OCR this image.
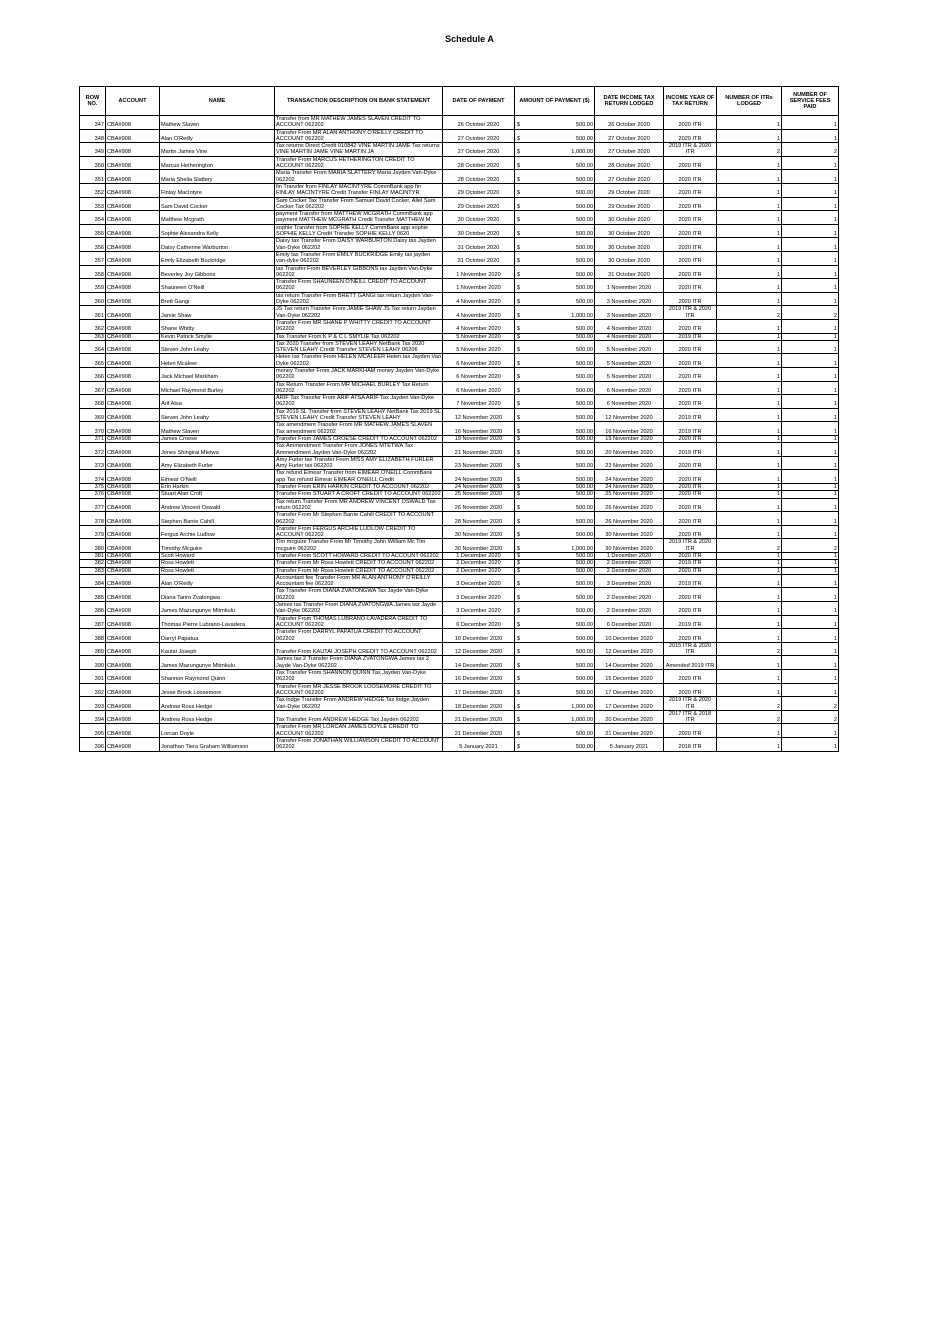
Schedule A
ROW NO.	ACCOUNT	NAME	TRANSACTION DESCRIPTION ON BANK STATEMENT	DATE OF PAYMENT	AMOUNT OF PAYMENT ($)	DATE INCOME TAX RETURN LODGED	INCOME YEAR OF TAX RETURN	NUMBER OF ITRs LODGED	NUMBER OF SERVICE FEES PAID
347	CBA#908	Mathew Slaven	Transfer from MR MATHEW JAMES SLAVEN CREDIT TO ACCOUNT 062202	26 October 2020	$ 500.00	26 October 2020	2020 ITR	1	1
348	CBA#908	Alan O'Reilly	Transfer From MR ALAN ANTHONY O'REILLY CREDIT TO ACCOUNT 062202	27 October 2020	$ 500.00	27 October 2020	2020 ITR	1	1
349	CBA#908	Martin James Vine	Tax returns Direct Credit 010842 VINE MARTIN JAME Tax returns VINE MARTIN JAME VINE MARTIN JA	27 October 2020	$ 1,000.00	27 October 2020	2019 ITR & 2020 ITR	2	2
350	CBA#908	Marcus Hetherington	Transfer From MARCUS HETHERINGTON CREDIT TO ACCOUNT 062202	28 October 2020	$ 500.00	28 October 2020	2020 ITR	1	1
351	CBA#908	Maria Sheila Slattery	Maria Transfer From MARIA SLATTERY Maria Jayden Van-Dyke 062202	28 October 2020	$ 500.00	27 October 2020	2020 ITR	1	1
352	CBA#908	Finlay MacIntyre	fin Transfer from FINLAY MACINTYRE CommBank app fin FINLAY MACINTYRE Credit Transfer FINLAY MACINTYR	29 October 2020	$ 500.00	29 October 2020	2020 ITR	1	1
353	CBA#908	Sam David Cocker	Sam Cocker Tax Transfer From Samuel David Cocker, Allel Sam Cocker Tax 062202	29 October 2020	$ 500.00	29 October 2020	2020 ITR	1	1
354	CBA#908	Matthew Mcgrath	payment Transfer from MATTHEW MCGRATH CommBank app payment MATTHEW MCGRATH Credit Transfer MATTHEW M	30 October 2020	$ 500.00	30 October 2020	2020 ITR	1	1
355	CBA#908	Sophie Alexandra Kelly	sophie Transfer from SOPHIE KELLY CommBank app sophie SOPHIE KELLY Credit Transfer SOPHIE KELLY 0620	30 October 2020	$ 500.00	30 October 2020	2020 ITR	1	1
356	CBA#908	Daisy Catherine Warburton	Daisy tax Transfer From DAISY WARBURTON Daisy tax Jayden Van-Dyke 062202	31 October 2020	$ 500.00	30 October 2020	2020 ITR	1	1
357	CBA#908	Emily Elizabeth Buckridge	Emily tax Transfer From EMILY BUCKRIDGE Emily tax jayden van-dyke 062202	31 October 2020	$ 500.00	30 October 2020	2020 ITR	1	1
358	CBA#908	Beverley Joy Gibbons	tax Transfer From BEVERLEY GIBBONS tax Jayden Van-Dyke 062202	1 November 2020	$ 500.00	31 October 2020	2020 ITR	1	1
359	CBA#908	Shauneen O'Neill	Transfer From SHAUNEEN O'NEILL CREDIT TO ACCOUNT 062202	1 November 2020	$ 500.00	1 November 2020	2020 ITR	1	1
360	CBA#908	Brett Gangi	tax return Transfer From BRETT GANGI tax return Jayden Van-Dyke 062202	4 November 2020	$ 500.00	3 November 2020	2020 ITR	1	1
361	CBA#908	Jamie Shaw	JS Tax return Transfer From JAMIE SHAW JS Tax return Jayden Van-Dyke 062202	4 November 2020	$ 1,000.00	3 November 2020	2019 ITR & 2020 ITR	2	2
362	CBA#908	Shane Whitty	Transfer From MR SHANE P WHITTY CREDIT TO ACCOUNT 062202	4 November 2020	$ 500.00	4 November 2020	2020 ITR	1	1
363	CBA#908	Kevin Patrick Smylie	Tax Transfer From K P & C L SMYLIE Tax 062202	5 November 2020	$ 500.00	4 November 2020	2019 ITR	1	1
364	CBA#908	Steven John Leahy	Tax 2020 Transfer from STEVEN LEAHY NetBank Tax 2020 STEVEN LEAHY Credit Transfer STEVEN LEAHY 06206	5 November 2020	$ 500.00	5 November 2020	2020 ITR	1	1
365	CBA#908	Helen Mcaleer	Helen tax Transfer From HELEN MCALEER Helen tax Jayden Van Dyke 062202	6 November 2020	$ 500.00	5 November 2020	2020 ITR	1	1
366	CBA#908	Jack Michael Markham	money Transfer From JACK MARKHAM money Jayden Van-Dyke 062202	6 November 2020	$ 500.00	5 November 2020	2020 ITR	1	1
367	CBA#908	Michael Raymond Burley	Tax Return Transfer From MR MICHAEL BURLEY Tax Return 062202	6 November 2020	$ 500.00	6 November 2020	2020 ITR	1	1
368	CBA#908	Arif Atsa	ARIF Tax Transfer From ARIF ATSA ARIF Tax Jayden Van-Dyke 062202	7 November 2020	$ 500.00	6 November 2020	2020 ITR	1	1
369	CBA#908	Steven John Leahy	Tax 2019 SL Transfer from STEVEN LEAHY NetBank Tax 2019 SL STEVEN LEAHY Credit Transfer STEVEN LEAHY	12 November 2020	$ 500.00	12 November 2020	2019 ITR	1	1
370	CBA#908	Mathew Slaven	Tax amendment Transfer From MR MATHEW JAMES SLAVEN Tax amendment 062202	16 November 2020	$ 500.00	16 November 2020	2019 ITR	1	1
371	CBA#908	James Croese	Transfer From JAMES CROESE CREDIT TO ACCOUNT 062202	19 November 2020	$ 500.00	19 November 2020	2020 ITR	1	1
372	CBA#908	Jones Shingirai Mtetwa	Tax Ammendment Transfer From JONES MTETWA Tax Ammendment Jayden Van-Dyke 062202	21 November 2020	$ 500.00	20 November 2020	2019 ITR	1	1
373	CBA#908	Amy Elizabeth Furler	Amy Furler tax Transfer From MISS AMY ELIZABETH FURLER Amy Furler tax 062202	23 November 2020	$ 500.00	23 November 2020	2020 ITR	1	1
374	CBA#908	Eimear O'Neill	Tax refund Eimear Transfer from EIMEAR O'NEILL CommBank app Tax refund Eimear EIMEAR O'NEILL Credit	24 November 2020	$ 500.00	24 November 2020	2020 ITR	1	1
375	CBA#908	Erin Harkin	Transfer From ERIN HARKIN CREDIT TO ACCOUNT 062202	24 November 2020	$ 500.00	24 November 2020	2020 ITR	1	1
376	CBA#908	Stuart Alan Croft	Transfer From STUART A CROFT CREDIT TO ACCOUNT 062202	25 November 2020	$ 500.00	25 November 2020	2020 ITR	1	1
377	CBA#908	Andrew Vincent Oswald	Tax return Transfer From MR ANDREW VINCENT OSWALD Tax return 062202	26 November 2020	$ 500.00	26 November 2020	2020 ITR	1	1
378	CBA#908	Stephen Barrie Cahill	Transfer From Mr Stephen Barrie Cahill CREDIT TO ACCOUNT 062202	28 November 2020	$ 500.00	26 November 2020	2020 ITR	1	1
379	CBA#908	Fergus Archie Ludlow	Transfer From FERGUS ARCHIE LUDLOW CREDIT TO ACCOUNT 062202	30 November 2020	$ 500.00	30 November 2020	2020 ITR	1	1
380	CBA#908	Timothy Mcguire	Tim mcguire Transfer From Mr Timothy John William Mc Tim mcguire 062202	30 November 2020	$ 1,000.00	30 November 2020	2019 ITR & 2020 ITR	2	2
381	CBA#908	Scott Howard	Transfer From SCOTT HOWARD CREDIT TO ACCOUNT 062202	1 December 2020	$ 500.00	1 December 2020	2020 ITR	1	1
382	CBA#908	Ross Howlett	Transfer From Mr Ross Howlett CREDIT TO ACCOUNT 062202	2 December 2020	$ 500.00	2 December 2020	2019 ITR	1	1
383	CBA#908	Ross Howlett	Transfer From Mr Ross Howlett CREDIT TO ACCOUNT 062202	2 December 2020	$ 500.00	2 December 2020	2020 ITR	1	1
384	CBA#908	Alan O'Reilly	Accountant fee Transfer From MR ALAN ANTHONY O'REILLY Accountant fee 062202	3 December 2020	$ 500.00	3 December 2020	2019 ITR	1	1
385	CBA#908	Diana Tariro Zvatongwa	Tax Transfer From DIANA ZVATONGWA Tax Jayde Van-Dyke 062202	3 December 2020	$ 500.00	2 December 2020	2020 ITR	1	1
386	CBA#908	James Mazungunye Mtimkulu	James tax Transfer From DIANA ZVATONGWA James tax Jayde Van-Dyke 062202	3 December 2020	$ 500.00	2 December 2020	2020 ITR	1	1
387	CBA#908	Thomas Pierre Lubrano-Lavadera	Transfer From THOMAS LUBRANO-LAVADERA CREDIT TO ACCOUNT 062202	6 December 2020	$ 500.00	6 December 2020	2019 ITR	1	1
388	CBA#908	Darryl Papatua	Transfer From DARRYL PAPATUA CREDIT TO ACCOUNT 062202	10 December 2020	$ 500.00	10 December 2020	2020 ITR	1	1
389	CBA#908	Kautai Joseph	Transfer From KAUTAI JOSEPH CREDIT TO ACCOUNT 062202	12 December 2020	$ 500.00	12 December 2020	2015 ITR & 2020 ITR	2	1
390	CBA#908	James Mazungunye Mtimkulu	James tax 2 Transfer From DIANA ZVATONGWA James tax 2 Jayde Van-Dyke 062202	14 December 2020	$ 500.00	14 December 2020	Amended 2019 ITR	1	1
391	CBA#908	Shannon Raymond Quinn	Tax Transfer From SHANNON QUINN Tax Jayden Van-Dyke 062202	16 December 2020	$ 500.00	15 December 2020	2020 ITR	1	1
392	CBA#908	Jesse Brook Loosemore	Transfer From MR JESSE BROOK LOOSEMORE CREDIT TO ACCOUNT 062202	17 December 2020	$ 500.00	17 December 2020	2020 ITR	1	1
393	CBA#908	Andrew Ross Hedge	Tax lodge Transfer From ANDREW HEDGE Tax lodge Jayden Van-Dyke 062202	18 December 2020	$ 1,000.00	17 December 2020	2019 ITR & 2020 ITR	2	2
394	CBA#908	Andrew Ross Hedge	Tax Transfer From ANDREW HEDGE Tax Jayden 062202	21 December 2020	$ 1,000.00	20 December 2020	2017 ITR & 2018 ITR	2	2
395	CBA#908	Lorcan Doyle	Transfer From MR LORCAN JAMES DOYLE CREDIT TO ACCOUNT 062202	21 December 2020	$ 500.00	21 December 2020	2020 ITR	1	1
396	CBA#908	Jonathan Tiera Graham Williamson	Transfer From JONATHAN WILLIAMSON CREDIT TO ACCOUNT 062202	5 January 2021	$ 500.00	5 January 2021	2018 ITR	1	1
